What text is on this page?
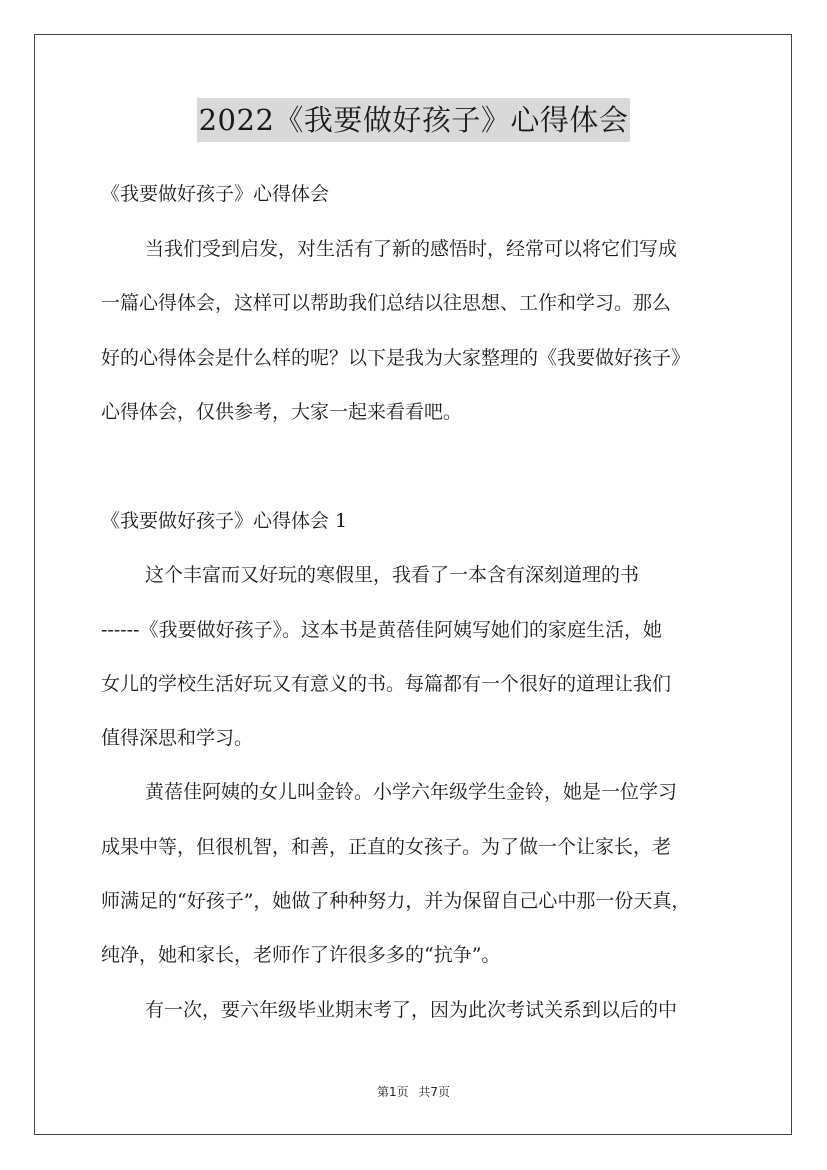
2022《我要做好孩子》心得体会
《我要做好孩子》心得体会
当我们受到启发，对生活有了新的感悟时，经常可以将它们写成
一篇心得体会，这样可以帮助我们总结以往思想、工作和学习。那么
好的心得体会是什么样的呢？以下是我为大家整理的《我要做好孩子》
心得体会，仅供参考，大家一起来看看吧。
《我要做好孩子》心得体会 1
这个丰富而又好玩的寒假里，我看了一本含有深刻道理的书
------《我要做好孩子》。这本书是黄蓓佳阿姨写她们的家庭生活，她
女儿的学校生活好玩又有意义的书。每篇都有一个很好的道理让我们
值得深思和学习。
黄蓓佳阿姨的女儿叫金铃。小学六年级学生金铃，她是一位学习
成果中等，但很机智，和善，正直的女孩子。为了做一个让家长，老
师满足的“好孩子”，她做了种种努力，并为保留自己心中那一份天真，
纯净，她和家长，老师作了许很多多的“抗争”。
有一次，要六年级毕业期末考了，因为此次考试关系到以后的中
第1页 共7页
